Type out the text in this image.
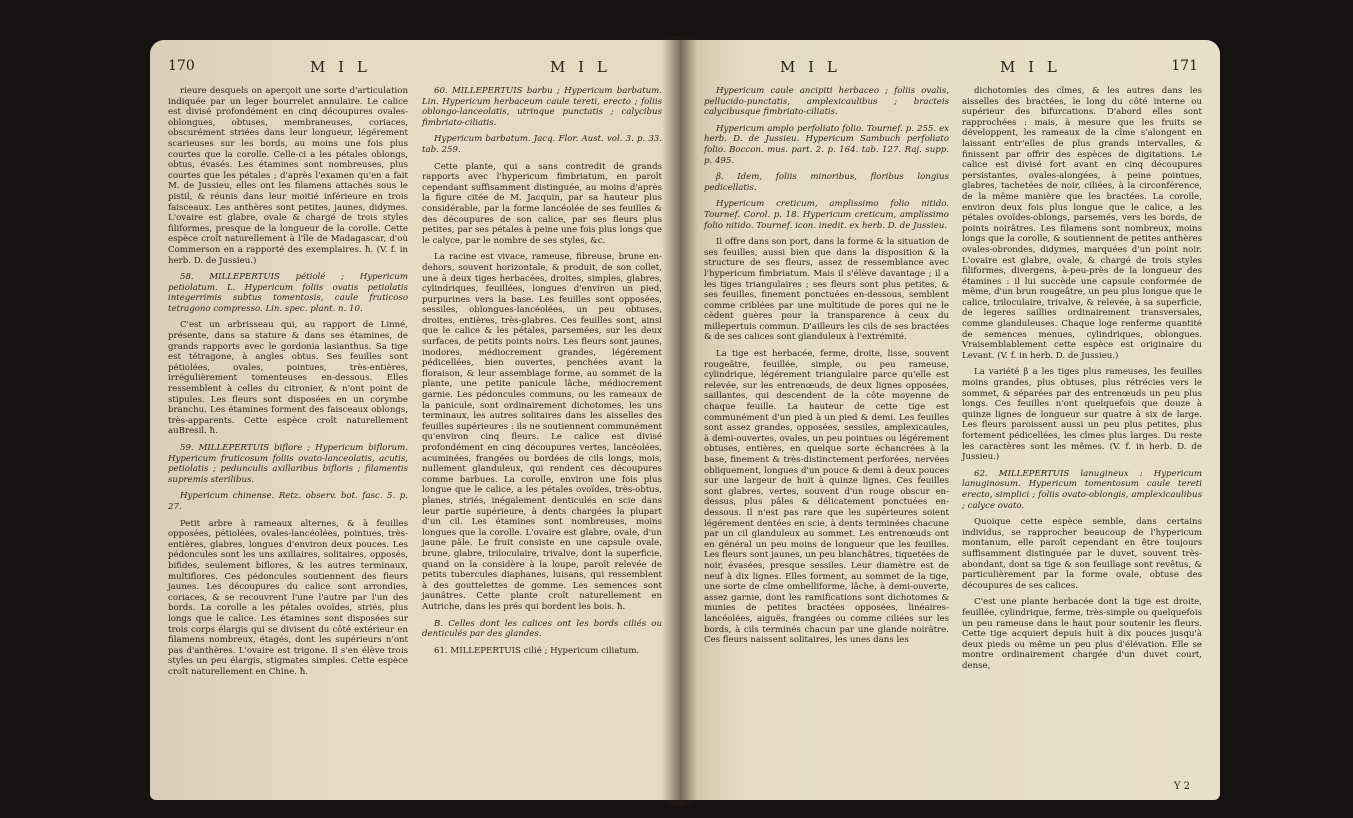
170	M I L	M I L

rieure desquels on aperçoit une sorte d'articulation indiquée par un leger bourrelet annulaire. Le calice est divisé profondément en cinq découpures ovales-oblongues, obtuses, membraneuses, coriaces, obscurément striées dans leur longueur, légérement scarieuses sur les bords, au moins une fois plus courtes que la corolle. Celle-ci a les pétales oblongs, obtus, évasés. Les étamines sont nombreuses, plus courtes que les pétales ; d'après l'examen qu'en a fait M. de Jussieu, elles ont les filamens attachés sous le pistil, & réunis dans leur moitié inférieure en trois faisceaux. Les anthères sont petites, jaunes, didymes. L'ovaire est glabre, ovale & chargé de trois styles filiformes, presque de la longueur de la corolle. Cette espèce croît naturellement à l'île de Madagascar, d'où Commerson en a rapporté des exemplaires. ħ. (V. f. in herb. D. de Jussieu.)

58. MILLEPERTUIS pétiolé ; Hypericum petiolatum. L. Hypericum foliis ovatis petiolatis integerrimis subtus tomentosis, caule fruticoso tetragono compresso. Lin. spec. plant. n. 10.

C'est un arbrisseau qui, au rapport de Linné, présente, dans sa stature & dans ses étamines, de grands rapports avec le gordonia lasianthus. Sa tige est tétragone, à angles obtus. Ses feuilles sont pétiolées, ovales, pointues, très-entières, irrégulièrement tomenteuses en-dessous. Elles ressemblent à celles du citronier, & n'ont point de stipules. Les fleurs sont disposées en un corymbe branchu. Les étamines forment des faisceaux oblongs, très-apparents. Cette espèce croît naturellement auBresil. ħ.

59. MILLEPERTUIS biflore ; Hypericum biflorum. Hypericum fruticosum foliis ovato-lanceolatis, acutis, petiolatis ; pedunculis axillaribus bifloris ; filamentis supremis sterilibus.

Hypericum chinense. Retz. observ. bot. fasc. 5. p. 27.

Petit arbre à rameaux alternes, & à feuilles opposées, pétiolées, ovales-lancéolées, pointues, très-entières, glabres, longues d'environ deux pouces. Les pédoncules sont les uns axillaires, solitaires, opposés, bifides, seulement biflores, & les autres terminaux, multiflores. Ces pédoncules soutiennent des fleurs jaunes. Les découpures du calice sont arrondies, coriaces, & se recouvrent l'une l'autre par l'un des bords. La corolle a les pétales ovoïdes, striés, plus longs que le calice. Les étamines sont disposées sur trois corps élargis qui se divisent du côté extérieur en filamens nombreux, étagés, dont les supérieurs n'ont pas d'anthères. L'ovaire est trigone. Il s'en élève trois styles un peu élargis, stigmates simples. Cette espèce croît naturellement en Chine. ħ.

60. MILLEPERTUIS barbu ; Hypericum barbatum. Lin. Hypericum herbaceum caule tereti, erecto ; foliis oblongo-lanceolatis, utrinque punctatis ; calycibus fimbriato-ciliatis.

Hypericum barbatum. Jacq. Flor. Aust. vol. 3. p. 33. tab. 259.

Cette plante, qui a sans contredit de grands rapports avec l'hypericum fimbriatum, en paroît cependant suffisamment distinguée, au moins d'après la figure citée de M. Jacquin, par sa hauteur plus considérable, par la forme lancéolée de ses feuilles & des découpures de son calice, par ses fleurs plus petites, par ses pétales à peine une fois plus longs que le calyce, par le nombre de ses styles, &c.

La racine est vivace, rameuse, fibreuse, brune en-dehors, souvent horizontale, & produit, de son collet, une à deux tiges herbacées, droites, simples, glabres, cylindriques, feuillées, longues d'environ un pied, purpurines vers la base. Les feuilles sont opposées, sessiles, oblongues-lancéolées, un peu obtuses, droites, entières, très-glabres. Ces feuilles sont, ainsi que le calice & les pétales, parsemées, sur les deux surfaces, de petits points noirs. Les fleurs sont jaunes, inodores, médiocrement grandes, légérement pédicellées, bien ouvertes, penchées avant la floraison, & leur assemblage forme, au sommet de la plante, une petite panicule lâche, médiocrement garnie. Les pédoncules communs, ou les rameaux de la panicule, sont ordinairement dichotomes, les uns terminaux, les autres solitaires dans les aisselles des feuilles supérieures : ils ne soutiennent communément qu'environ cinq fleurs. Le calice est divisé profondément en cinq découpures vertes, lancéolées, acuminées, frangées ou bordées de cils longs, mois, nullement glanduleux, qui rendent ces découpures comme barbues. La corolle, environ une fois plus longue que le calice, a les pétales ovoïdes, très-obtus, planes, striés, inégalement denticulés en scie dans leur partie supérieure, à dents chargées la plupart d'un cil. Les étamines sont nombreuses, moins longues que la corolle. L'ovaire est glabre, ovale, d'un jaune pâle. Le fruit consiste en une capsule ovale, brune, glabre, triloculaire, trivalve, dont la superficie, quand on la considère à la loupe, paroît relevée de petits tubercules diaphanes, luisans, qui ressemblent à des gouttelettes de gomme. Les semences sont jaunâtres. Cette plante croît naturellement en Autriche, dans les prés qui bordent les bois. ħ.

B. Celles dont les calices ont les bords ciliés ou denticulés par des glandes.

61. MILLEPERTUIS cilié ; Hypericum ciliatum.

M I L	M I L	171

Hypericum caule ancipiti herbaceo ; foliis ovalis, pellucido-punctatis, amplexicaulibus ; bracteis calycibusque fimbriato-ciliatis.

Hypericum amplo perfoliato folio. Tournef. p. 255. ex herb. D. de Jussieu. Hypericum Sambuch perfoliato folio. Boccon. mus. part. 2. p. 164. tab. 127. Raj. supp. p. 495.

β. Idem, foliis minoribus, floribus longius pedicellatis.

Hypericum creticum, amplissimo folio nitido. Tournef. Corol. p. 18. Hypericum creticum, amplissimo folio nitido. Tournef. icon. inedit. ex herb. D. de Jussieu.

Il offre dans son port, dans la forme & la situation de ses feuilles, aussi bien que dans la disposition & la structure de ses fleurs, assez de ressemblance avec l'hypericum fimbriatum. Mais il s'élève davantage ; il a les tiges triangulaires ; ses fleurs sont plus petites, & ses feuilles, finement ponctuées en-dessous, semblent comme criblées par une multitude de pores qui ne le cèdent guères pour la transparence à ceux du millepertuis commun. D'ailleurs les cils de ses bractées & de ses calices sont glanduleux à l'extrémité.

La tige est herbacée, ferme, droite, lisse, souvent rougeâtre, feuillée, simple, ou peu rameuse, cylindrique, légérement triangulaire parce qu'elle est relevée, sur les entrenœuds, de deux lignes opposées, saillantes, qui descendent de la côte moyenne de chaque feuille. La hauteur de cette tige est communément d'un pied à un pied & demi. Les feuilles sont assez grandes, opposées, sessiles, amplexicaules, à demi-ouvertes, ovales, un peu pointues ou légérement obtuses, entières, en quelque sorte échancrées à la base, finement & très-distinctement perforées, nervées obliquement, longues d'un pouce & demi à deux pouces sur une largeur de huit à quinze lignes. Ces feuilles sont glabres, vertes, souvent d'un rouge obscur en-dessus, plus pâles & délicatement ponctuées en-dessous. Il n'est pas rare que les supérieures soient légérement dentées en scie, à dents terminées chacune par un cil glanduleux au sommet. Les entrenœuds ont en général un peu moins de longueur que les feuilles. Les fleurs sont jaunes, un peu blanchâtres, tiquetées de noir, évasées, presque sessiles. Leur diamètre est de neuf à dix lignes. Elles forment, au sommet de la tige, une sorte de cîme ombelliforme, lâche, à demi-ouverte, assez garnie, dont les ramifications sont dichotomes & munies de petites bractées opposées, linéaires-lancéolées, aiguës, frangées ou comme ciliées sur les bords, à cils terminés chacun par une glande noirâtre. Ces fleurs naissent solitaires, les unes dans les

dichotomies des cîmes, & les autres dans les aisselles des bractées, le long du côté interne ou supérieur des bifurcations. D'abord elles sont rapprochées : mais, à mesure que les fruits se développent, les rameaux de la cîme s'alongent en laissant entr'elles de plus grands intervalles, & finissent par offrir des espèces de digitations. Le calice est divisé fort avant en cinq découpures persistantes, ovales-alongées, à peine pointues, glabres, tachetées de noir, ciliées, à la circonférence, de la même manière que les bractées. La corolle, environ deux fois plus longue que le calice, a les pétales ovoïdes-oblongs, parsemés, vers les bords, de points noirâtres. Les filamens sont nombreux, moins longs que la corolle, & soutiennent de petites anthères ovales-obrondes, didymes, marquées d'un point noir. L'ovaire est glabre, ovale, & chargé de trois styles filiformes, divergens, à-peu-près de la longueur des étamines : il lui succède une capsule conformée de même, d'un brun rougeâtre, un peu plus longue que le calice, triloculaire, trivalve, & relevée, à sa superficie, de legeres saillies ordinairement transversales, comme glanduleuses. Chaque loge renferme quantité de semences menues, cylindriques, oblongues. Vraisemblablement cette espèce est originaire du Levant. (V. f. in herb. D. de Jussieu.)

La variété β a les tiges plus rameuses, les feuilles moins grandes, plus obtuses, plus rétrécies vers le sommet, & séparées par des entrenœuds un peu plus longs. Ces feuilles n'ont quelquefois que douze à quinze lignes de longueur sur quatre à six de large. Les fleurs paroissent aussi un peu plus petites, plus fortement pédicellées, les cîmes plus larges. Du reste les caractères sont les mêmes. (V. f. in herb. D. de Jussieu.)

62. MILLEPERTUIS lanugineux : Hypericum lanuginosum. Hypericum tomentosum caule tereti erecto, simplici ; foliis ovato-oblongis, amplexicaulibus ; calyce ovato.

Quoique cette espèce semble, dans certains individus, se rapprocher beaucoup de l'hypericum montanum, elle paroît cependant en être toujours suffisamment distinguée par le duvet, souvent très-abondant, dont sa tige & son feuillage sont revêtus, & particulièrement par la forme ovale, obtuse des découpures de ses calices.

C'est une plante herbacée dont la tige est droite, feuillée, cylindrique, ferme, très-simple ou quelquefois un peu rameuse dans le haut pour soutenir les fleurs. Cette tige acquiert depuis huit à dix pouces jusqu'à deux pieds ou même un peu plus d'élévation. Elle se montre ordinairement chargée d'un duvet court, dense,

Y 2
